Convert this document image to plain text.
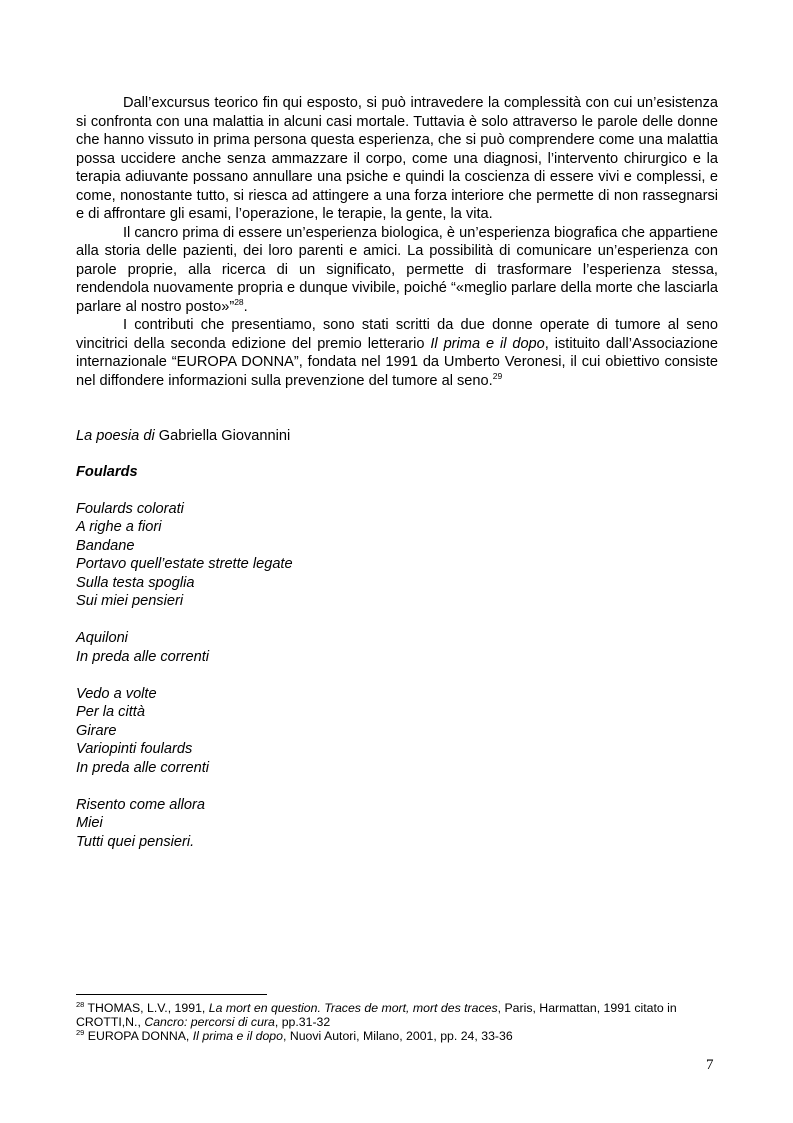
Dall’excursus teorico fin qui esposto, si può intravedere la complessità con cui un’esistenza si confronta con una malattia in alcuni casi mortale. Tuttavia è solo attraverso le parole delle donne che hanno vissuto in prima persona questa esperienza, che si può comprendere come una malattia possa uccidere anche senza ammazzare il corpo, come una diagnosi, l’intervento chirurgico e la terapia adiuvante possano annullare una psiche e quindi la coscienza di essere vivi e complessi, e come, nonostante tutto, si riesca ad attingere a una forza interiore che permette di non rassegnarsi e di affrontare gli esami, l’operazione, le terapie, la gente, la vita.

Il cancro prima di essere un’esperienza biologica, è un’esperienza biografica che appartiene alla storia delle pazienti, dei loro parenti e amici. La possibilità di comunicare un’esperienza con parole proprie, alla ricerca di un significato, permette di trasformare l’esperienza stessa, rendendola nuovamente propria e dunque vivibile, poiché “«meglio parlare della morte che lasciarla parlare al nostro posto»”$^{28}$.

I contributi che presentiamo, sono stati scritti da due donne operate di tumore al seno vincitrici della seconda edizione del premio letterario Il prima e il dopo, istituito dall’Associazione internazionale “EUROPA DONNA”, fondata nel 1991 da Umberto Veronesi, il cui obiettivo consiste nel diffondere informazioni sulla prevenzione del tumore al seno.$^{29}$

La poesia di Gabriella Giovannini

Foulards

Foulards colorati
A righe a fiori
Bandane
Portavo quell’estate strette legate
Sulla testa spoglia
Sui miei pensieri
Aquiloni
In preda alle correnti
Vedo a volte
Per la città
Girare
Variopinti foulards
In preda alle correnti
Risento come allora
Miei
Tutti quei pensieri.

$^{28}$ THOMAS, L.V., 1991, La mort en question. Traces de mort, mort des traces, Paris, Harmattan, 1991 citato in CROTTI,N., Cancro: percorsi di cura, pp.31-32

$^{29}$ EUROPA DONNA, Il prima e il dopo, Nuovi Autori, Milano, 2001, pp. 24, 33-36

7
